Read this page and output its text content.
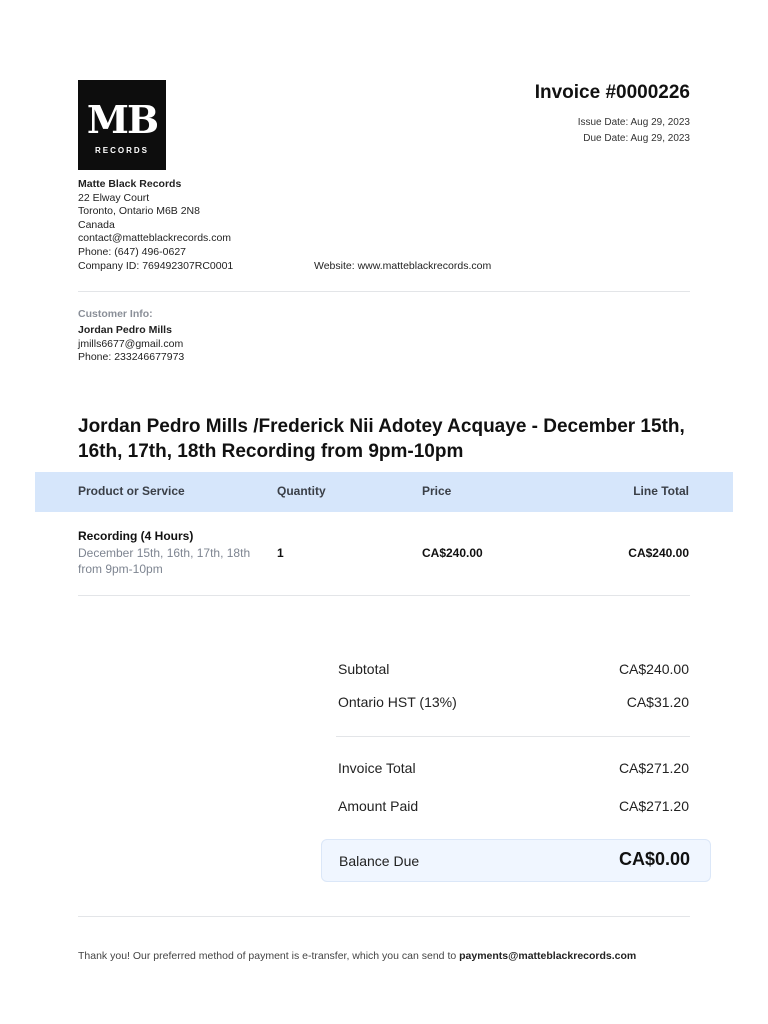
MB
RECORDS
Invoice #0000226
Issue Date: Aug 29, 2023
Due Date: Aug 29, 2023
Matte Black Records
22 Elway Court
Toronto, Ontario M6B 2N8
Canada
contact@matteblackrecords.com
Phone: (647) 496-0627
Company ID: 769492307RC0001	Website: www.matteblackrecords.com
Customer Info:
Jordan Pedro Mills
jmills6677@gmail.com
Phone: 233246677973
Jordan Pedro Mills /Frederick Nii Adotey Acquaye - December 15th, 16th, 17th, 18th Recording from 9pm-10pm
Product or Service	Quantity	Price	Line Total
Recording (4 Hours)
December 15th, 16th, 17th, 18th from 9pm-10pm
1	CA$240.00	CA$240.00
Subtotal	CA$240.00
Ontario HST (13%)	CA$31.20
Invoice Total	CA$271.20
Amount Paid	CA$271.20
Balance Due	CA$0.00
Thank you! Our preferred method of payment is e-transfer, which you can send to payments@matteblackrecords.com
